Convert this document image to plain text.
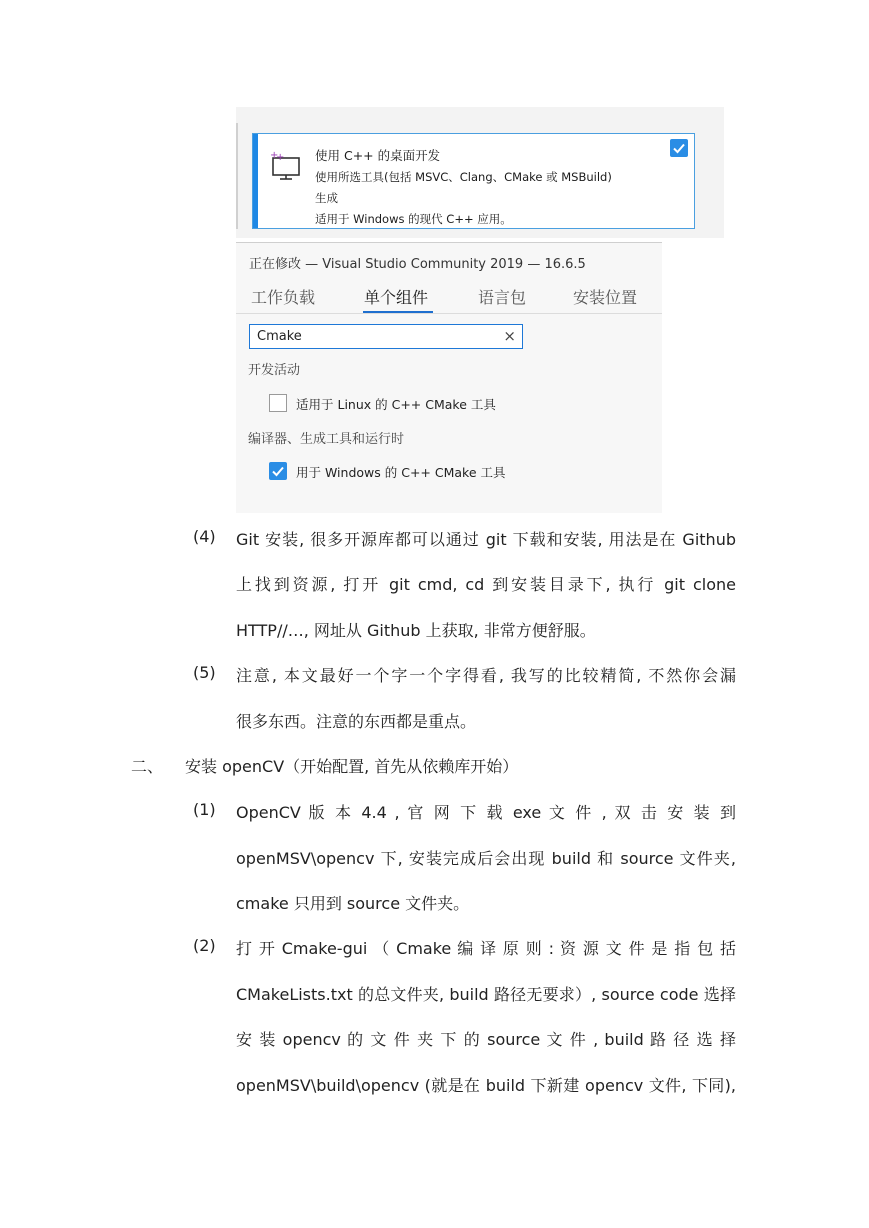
+
+ 使用 C++ 的桌面开发
使用所选工具(包括 MSVC、Clang、CMake 或 MSBuild)生成
适用于 Windows 的现代 C++ 应用。
正在修改 — Visual Studio Community 2019 — 16.6.5
工作负载	单个组件	语言包	安装位置
Cmake	×
开发活动
适用于 Linux 的 C++ CMake 工具
编译器、生成工具和运行时
用于 Windows 的 C++ CMake 工具
(4) Git 安装, 很多开源库都可以通过 git 下载和安装, 用法是在 Github
上找到资源, 打开 git cmd, cd 到安装目录下, 执行 git clone
HTTP//…, 网址从 Github 上获取, 非常方便舒服。
(5) 注意, 本文最好一个字一个字得看, 我写的比较精简, 不然你会漏
很多东西。注意的东西都是重点。
二、 安装 openCV（开始配置, 首先从依赖库开始）
(1) OpenCV 版 本 4.4 , 官 网 下 载 exe 文 件 , 双 击 安 装 到
openMSV\opencv 下, 安装完成后会出现 build 和 source 文件夹,
cmake 只用到 source 文件夹。
(2) 打 开 Cmake-gui （ Cmake 编 译 原 则 : 资 源 文 件 是 指 包 括
CMakeLists.txt 的总文件夹, build 路径无要求）, source code 选择
安 装 opencv 的 文 件 夹 下 的 source 文 件 , build 路 径 选 择
openMSV\build\opencv (就是在 build 下新建 opencv 文件, 下同),
